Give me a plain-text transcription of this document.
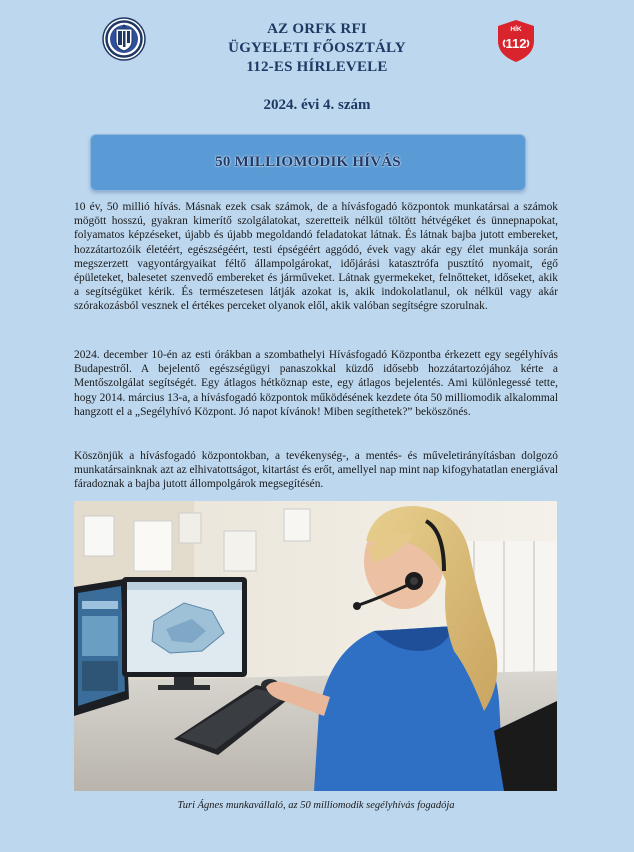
AZ ORFK RFI
ÜGYELETI FŐOSZTÁLY
112-ES HÍRLEVELE
HÍK
112
2024. évi 4. szám
50 MILLIOMODIK HÍVÁS
10 év, 50 millió hívás. Másnak ezek csak számok, de a hívásfogadó központok munkatársai a számok mögött hosszú, gyakran kimerítő szolgálatokat, szeretteik nélkül töltött hétvégéket és ünnepnapokat, folyamatos képzéseket, újabb és újabb megoldandó feladatokat látnak. És látnak bajba jutott embereket, hozzátartozóik életéért, egészségéért, testi épségéért aggódó, évek vagy akár egy élet munkája során megszerzett vagyontárgyaikat féltő állampolgárokat, időjárási katasztrófa pusztító nyomait, égő épületeket, balesetet szenvedő embereket és járműveket. Látnak gyermekeket, felnőtteket, időseket, akik a segítségüket kérik. És természetesen látják azokat is, akik indokolatlanul, ok nélkül vagy akár szórakozásból vesznek el értékes perceket olyanok elől, akik valóban segítségre szorulnak.
2024. december 10-én az esti órákban a szombathelyi Hívásfogadó Központba érkezett egy segélyhívás Budapestről. A bejelentő egészségügyi panaszokkal küzdő idősebb hozzátartozójához kérte a Mentőszolgálat segítségét. Egy átlagos hétköznap este, egy átlagos bejelentés. Ami különlegessé tette, hogy 2014. március 13-a, a hívásfogadó központok működésének kezdete óta 50 milliomodik alkalommal hangzott el a „Segélyhívó Központ. Jó napot kívánok! Miben segíthetek?” beköszönés.
Köszönjük a hívásfogadó központokban, a tevékenység-, a mentés- és műveletirányításban dolgozó munkatársainknak azt az elhivatottságot, kitartást és erőt, amellyel nap mint nap kifogyhatatlan energiával fáradoznak a bajba jutott állompolgárok megsegítésén.
Turi Ágnes munkavállaló, az 50 milliomodik segélyhívás fogadója
